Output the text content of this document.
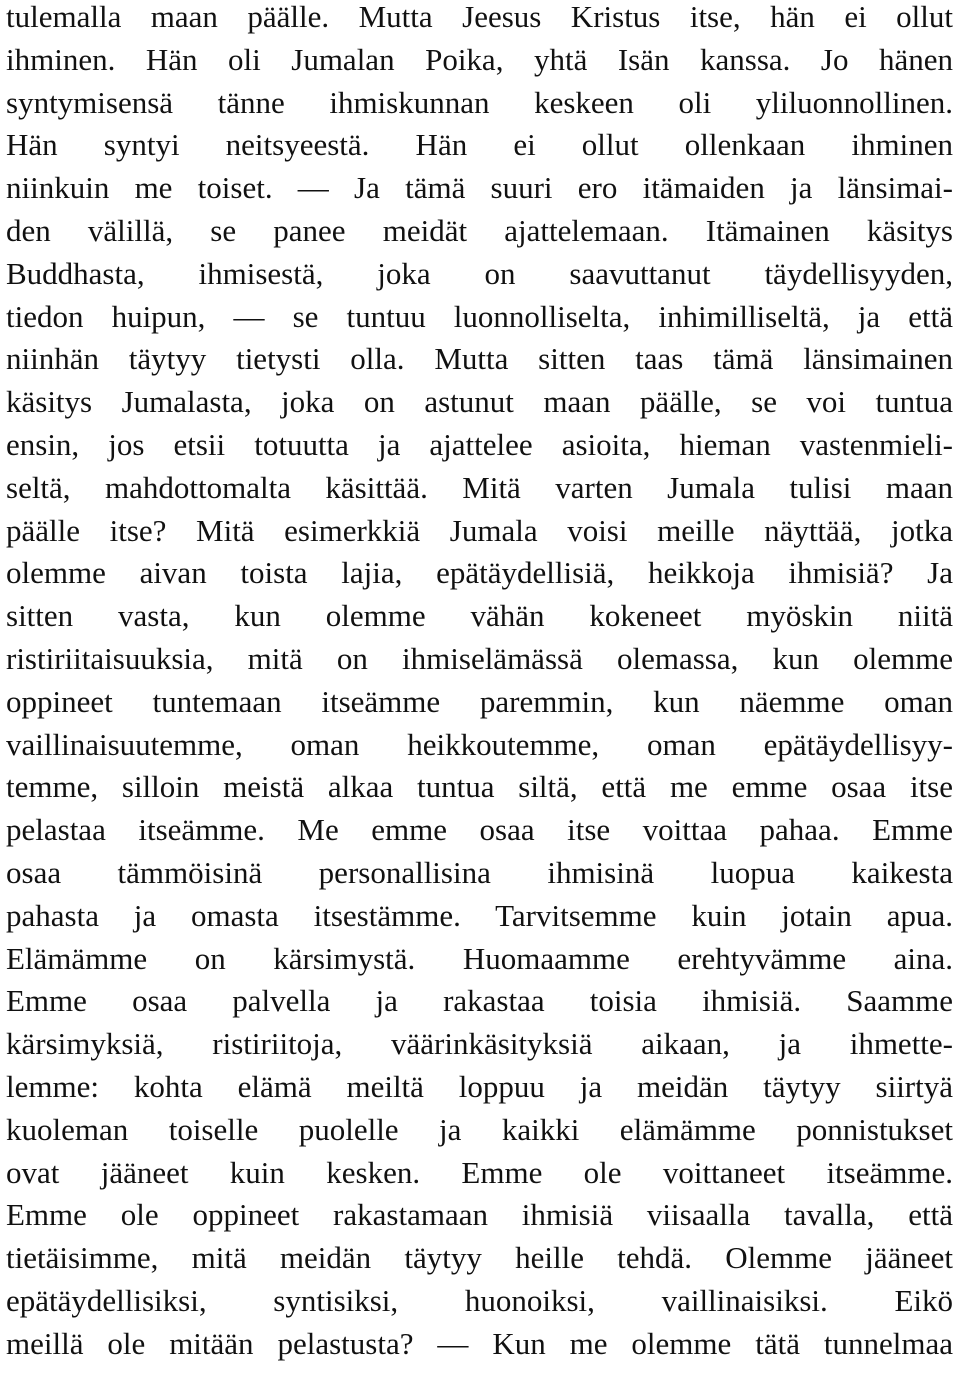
tulemalla maan päälle. Mutta Jeesus Kristus itse, hän ei ollut
ihminen. Hän oli Jumalan Poika, yhtä Isän kanssa. Jo hänen
syntymisensä tänne ihmiskunnan keskeen oli yliluonnollinen.
Hän syntyi neitsyeestä. Hän ei ollut ollenkaan ihminen
niinkuin me toiset. — Ja tämä suuri ero itämaiden ja länsimai-
den välillä, se panee meidät ajattelemaan. Itämainen käsitys
Buddhasta, ihmisestä, joka on saavuttanut täydellisyyden,
tiedon huipun, — se tuntuu luonnolliselta, inhimilliseltä, ja että
niinhän täytyy tietysti olla. Mutta sitten taas tämä länsimainen
käsitys Jumalasta, joka on astunut maan päälle, se voi tuntua
ensin, jos etsii totuutta ja ajattelee asioita, hieman vastenmieli-
seltä, mahdottomalta käsittää. Mitä varten Jumala tulisi maan
päälle itse? Mitä esimerkkiä Jumala voisi meille näyttää, jotka
olemme aivan toista lajia, epätäydellisiä, heikkoja ihmisiä? Ja
sitten vasta, kun olemme vähän kokeneet myöskin niitä
ristiriitaisuuksia, mitä on ihmiselämässä olemassa, kun olemme
oppineet tuntemaan itseämme paremmin, kun näemme oman
vaillinaisuutemme, oman heikkoutemme, oman epätäydellisyy-
temme, silloin meistä alkaa tuntua siltä, että me emme osaa itse
pelastaa itseämme. Me emme osaa itse voittaa pahaa. Emme
osaa tämmöisinä personallisina ihmisinä luopua kaikesta
pahasta ja omasta itsestämme. Tarvitsemme kuin jotain apua.
Elämämme on kärsimystä. Huomaamme erehtyvämme aina.
Emme osaa palvella ja rakastaa toisia ihmisiä. Saamme
kärsimyksiä, ristiriitoja, väärinkäsityksiä aikaan, ja ihmette-
lemme: kohta elämä meiltä loppuu ja meidän täytyy siirtyä
kuoleman toiselle puolelle ja kaikki elämämme ponnistukset
ovat jääneet kuin kesken. Emme ole voittaneet itseämme.
Emme ole oppineet rakastamaan ihmisiä viisaalla tavalla, että
tietäisimme, mitä meidän täytyy heille tehdä. Olemme jääneet
epätäydellisiksi, syntisiksi, huonoiksi, vaillinaisiksi. Eikö
meillä ole mitään pelastusta? — Kun me olemme tätä tunnelmaa
